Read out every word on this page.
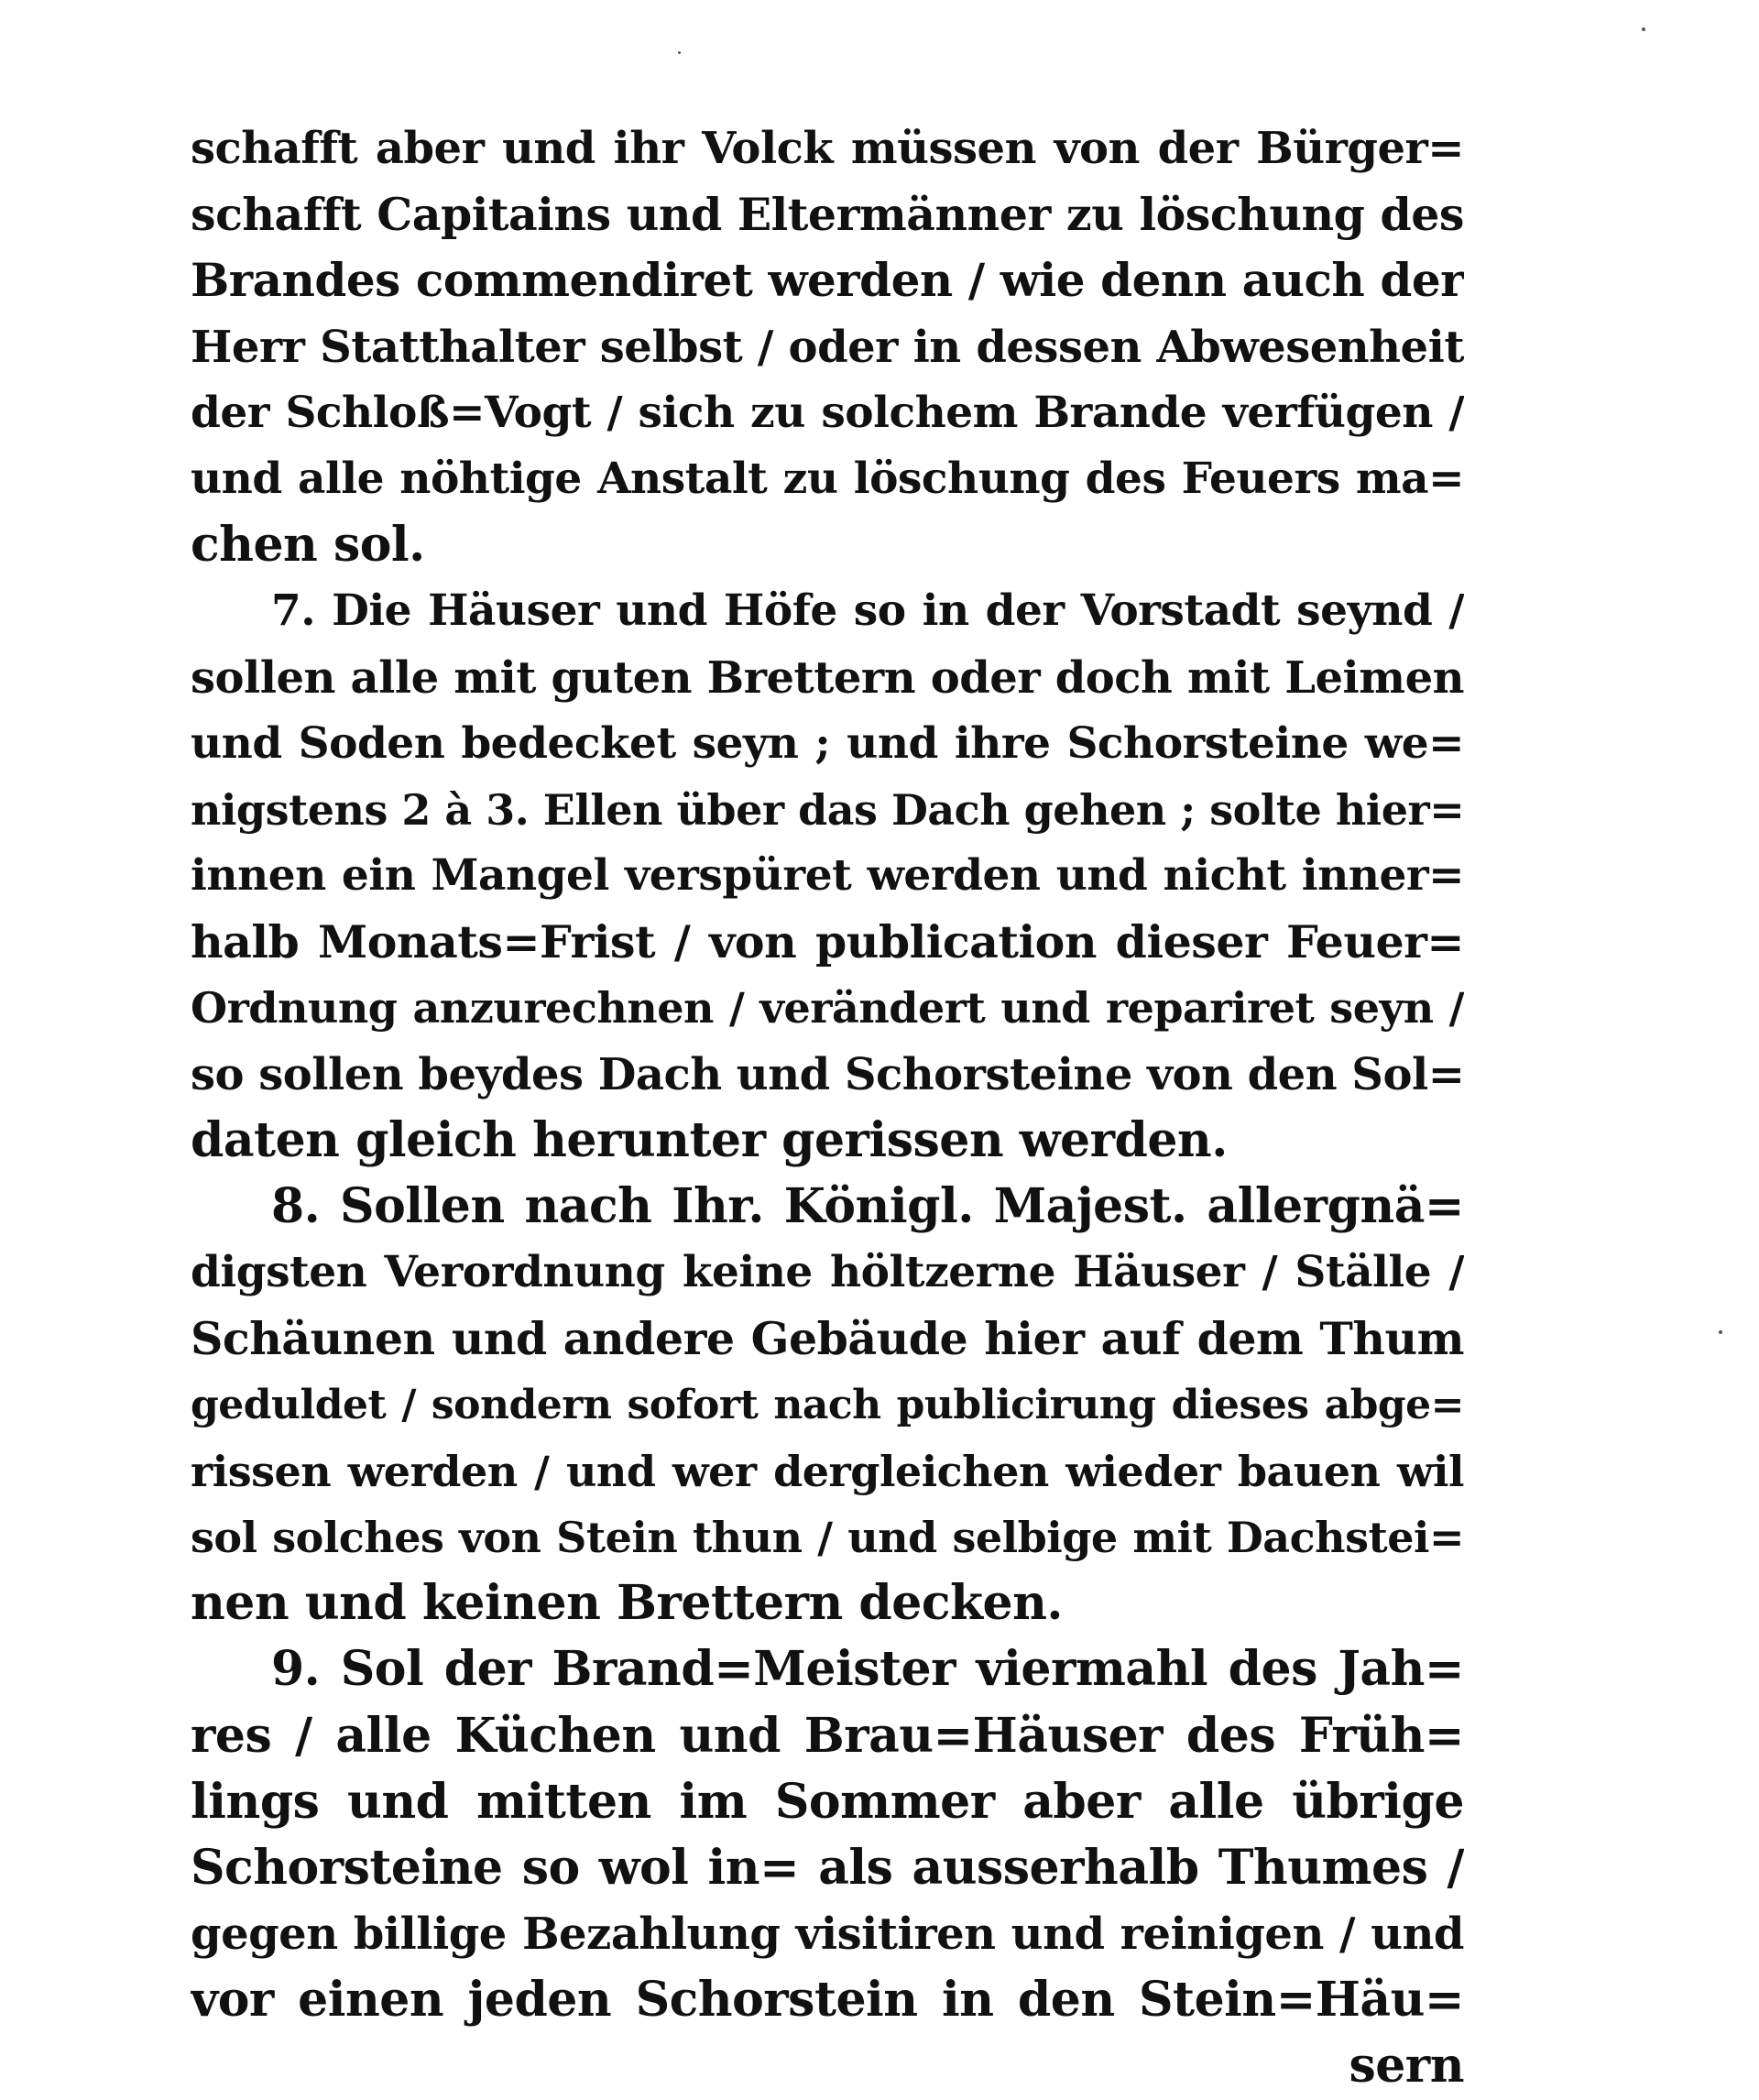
schafft aber und ihr Volck müssen von der Bürger=
schafft Capitains und Eltermänner zu löschung des
Brandes commendiret werden / wie denn auch der
Herr Statthalter selbst / oder in dessen Abwesenheit
der Schloß=Vogt / sich zu solchem Brande verfügen /
und alle nöhtige Anstalt zu löschung des Feuers ma=
chen sol.
7. Die Häuser und Höfe so in der Vorstadt seynd /
sollen alle mit guten Brettern oder doch mit Leimen
und Soden bedecket seyn ; und ihre Schorsteine we=
nigstens 2 à 3. Ellen über das Dach gehen ; solte hier=
innen ein Mangel verspüret werden und nicht inner=
halb Monats=Frist / von publication dieser Feuer=
Ordnung anzurechnen / verändert und repariret seyn /
so sollen beydes Dach und Schorsteine von den Sol=
daten gleich herunter gerissen werden.
8. Sollen nach Ihr. Königl. Majest. allergnä=
digsten Verordnung keine höltzerne Häuser / Ställe /
Schäunen und andere Gebäude hier auf dem Thum
geduldet / sondern sofort nach publicirung dieses abge=
rissen werden / und wer dergleichen wieder bauen wil
sol solches von Stein thun / und selbige mit Dachstei=
nen und keinen Brettern decken.
9. Sol der Brand=Meister viermahl des Jah=
res / alle Küchen und Brau=Häuser des Früh=
lings und mitten im Sommer aber alle übrige
Schorsteine so wol in= als ausserhalb Thumes /
gegen billige Bezahlung visitiren und reinigen / und
vor einen jeden Schorstein in den Stein=Häu=
sern
